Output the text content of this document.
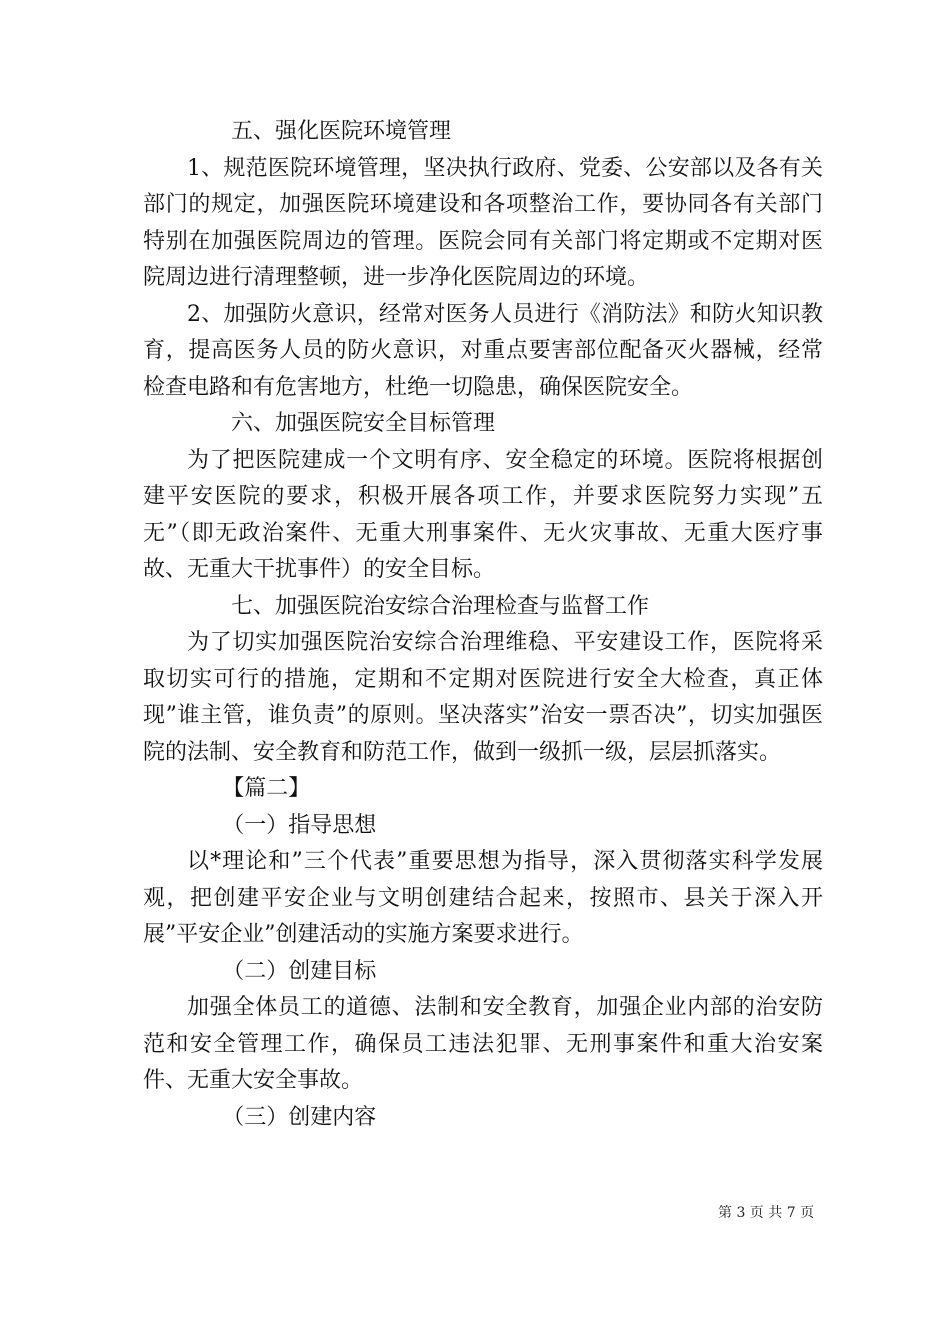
五、强化医院环境管理

1、规范医院环境管理，坚决执行政府、党委、公安部以及各有关部门的规定，加强医院环境建设和各项整治工作，要协同各有关部门特别在加强医院周边的管理。医院会同有关部门将定期或不定期对医院周边进行清理整顿，进一步净化医院周边的环境。

2、加强防火意识，经常对医务人员进行《消防法》和防火知识教育，提高医务人员的防火意识，对重点要害部位配备灭火器械，经常检查电路和有危害地方，杜绝一切隐患，确保医院安全。

六、加强医院安全目标管理

为了把医院建成一个文明有序、安全稳定的环境。医院将根据创建平安医院的要求，积极开展各项工作，并要求医院努力实现”五无”（即无政治案件、无重大刑事案件、无火灾事故、无重大医疗事故、无重大干扰事件）的安全目标。

七、加强医院治安综合治理检查与监督工作

为了切实加强医院治安综合治理维稳、平安建设工作，医院将采取切实可行的措施，定期和不定期对医院进行安全大检查，真正体现”谁主管，谁负责”的原则。坚决落实”治安一票否决”，切实加强医院的法制、安全教育和防范工作，做到一级抓一级，层层抓落实。

【篇二】

（一）指导思想

以*理论和”三个代表”重要思想为指导，深入贯彻落实科学发展观，把创建平安企业与文明创建结合起来，按照市、县关于深入开展”平安企业”创建活动的实施方案要求进行。

（二）创建目标

加强全体员工的道德、法制和安全教育，加强企业内部的治安防范和安全管理工作，确保员工违法犯罪、无刑事案件和重大治安案件、无重大安全事故。

（三）创建内容

第 3 页 共 7 页
